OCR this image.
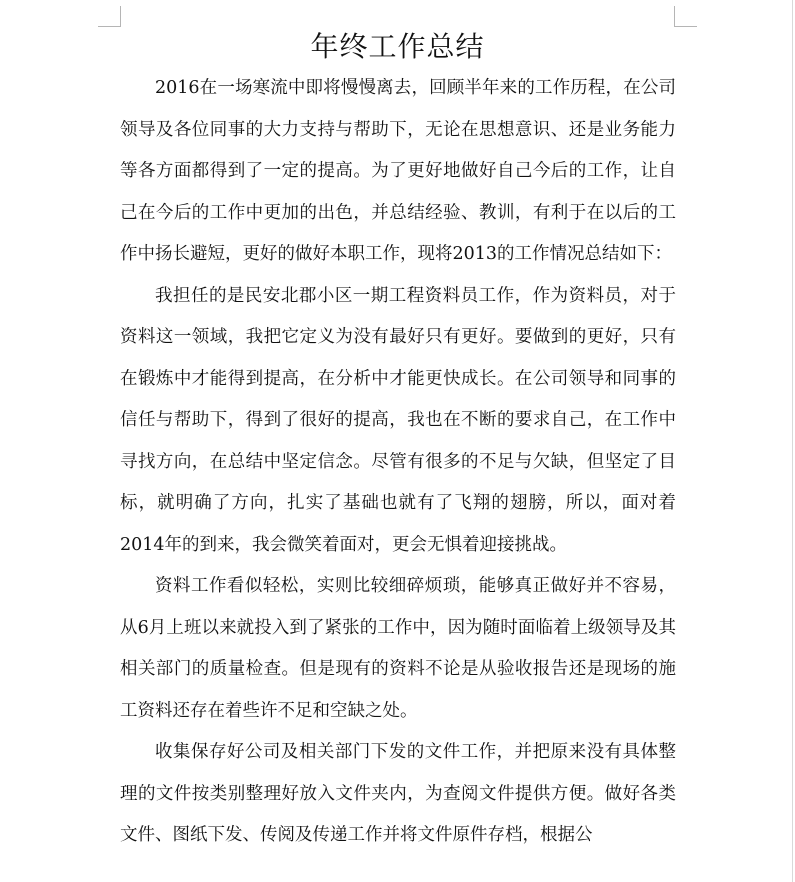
年终工作总结

2016在一场寒流中即将慢慢离去，回顾半年来的工作历程，在公司领导及各位同事的大力支持与帮助下，无论在思想意识、还是业务能力等各方面都得到了一定的提高。为了更好地做好自己今后的工作，让自己在今后的工作中更加的出色，并总结经验、教训，有利于在以后的工作中扬长避短，更好的做好本职工作，现将2013的工作情况总结如下：

我担任的是民安北郡小区一期工程资料员工作，作为资料员，对于资料这一领域，我把它定义为没有最好只有更好。要做到的更好，只有在锻炼中才能得到提高，在分析中才能更快成长。在公司领导和同事的信任与帮助下，得到了很好的提高，我也在不断的要求自己，在工作中寻找方向，在总结中坚定信念。尽管有很多的不足与欠缺，但坚定了目标，就明确了方向，扎实了基础也就有了飞翔的翅膀，所以，面对着2014年的到来，我会微笑着面对，更会无惧着迎接挑战。

资料工作看似轻松，实则比较细碎烦琐，能够真正做好并不容易，从6月上班以来就投入到了紧张的工作中，因为随时面临着上级领导及其相关部门的质量检查。但是现有的资料不论是从验收报告还是现场的施工资料还存在着些许不足和空缺之处。

收集保存好公司及相关部门下发的文件工作，并把原来没有具体整理的文件按类别整理好放入文件夹内，为查阅文件提供方便。做好各类文件、图纸下发、传阅及传递工作并将文件原件存档，根据公
